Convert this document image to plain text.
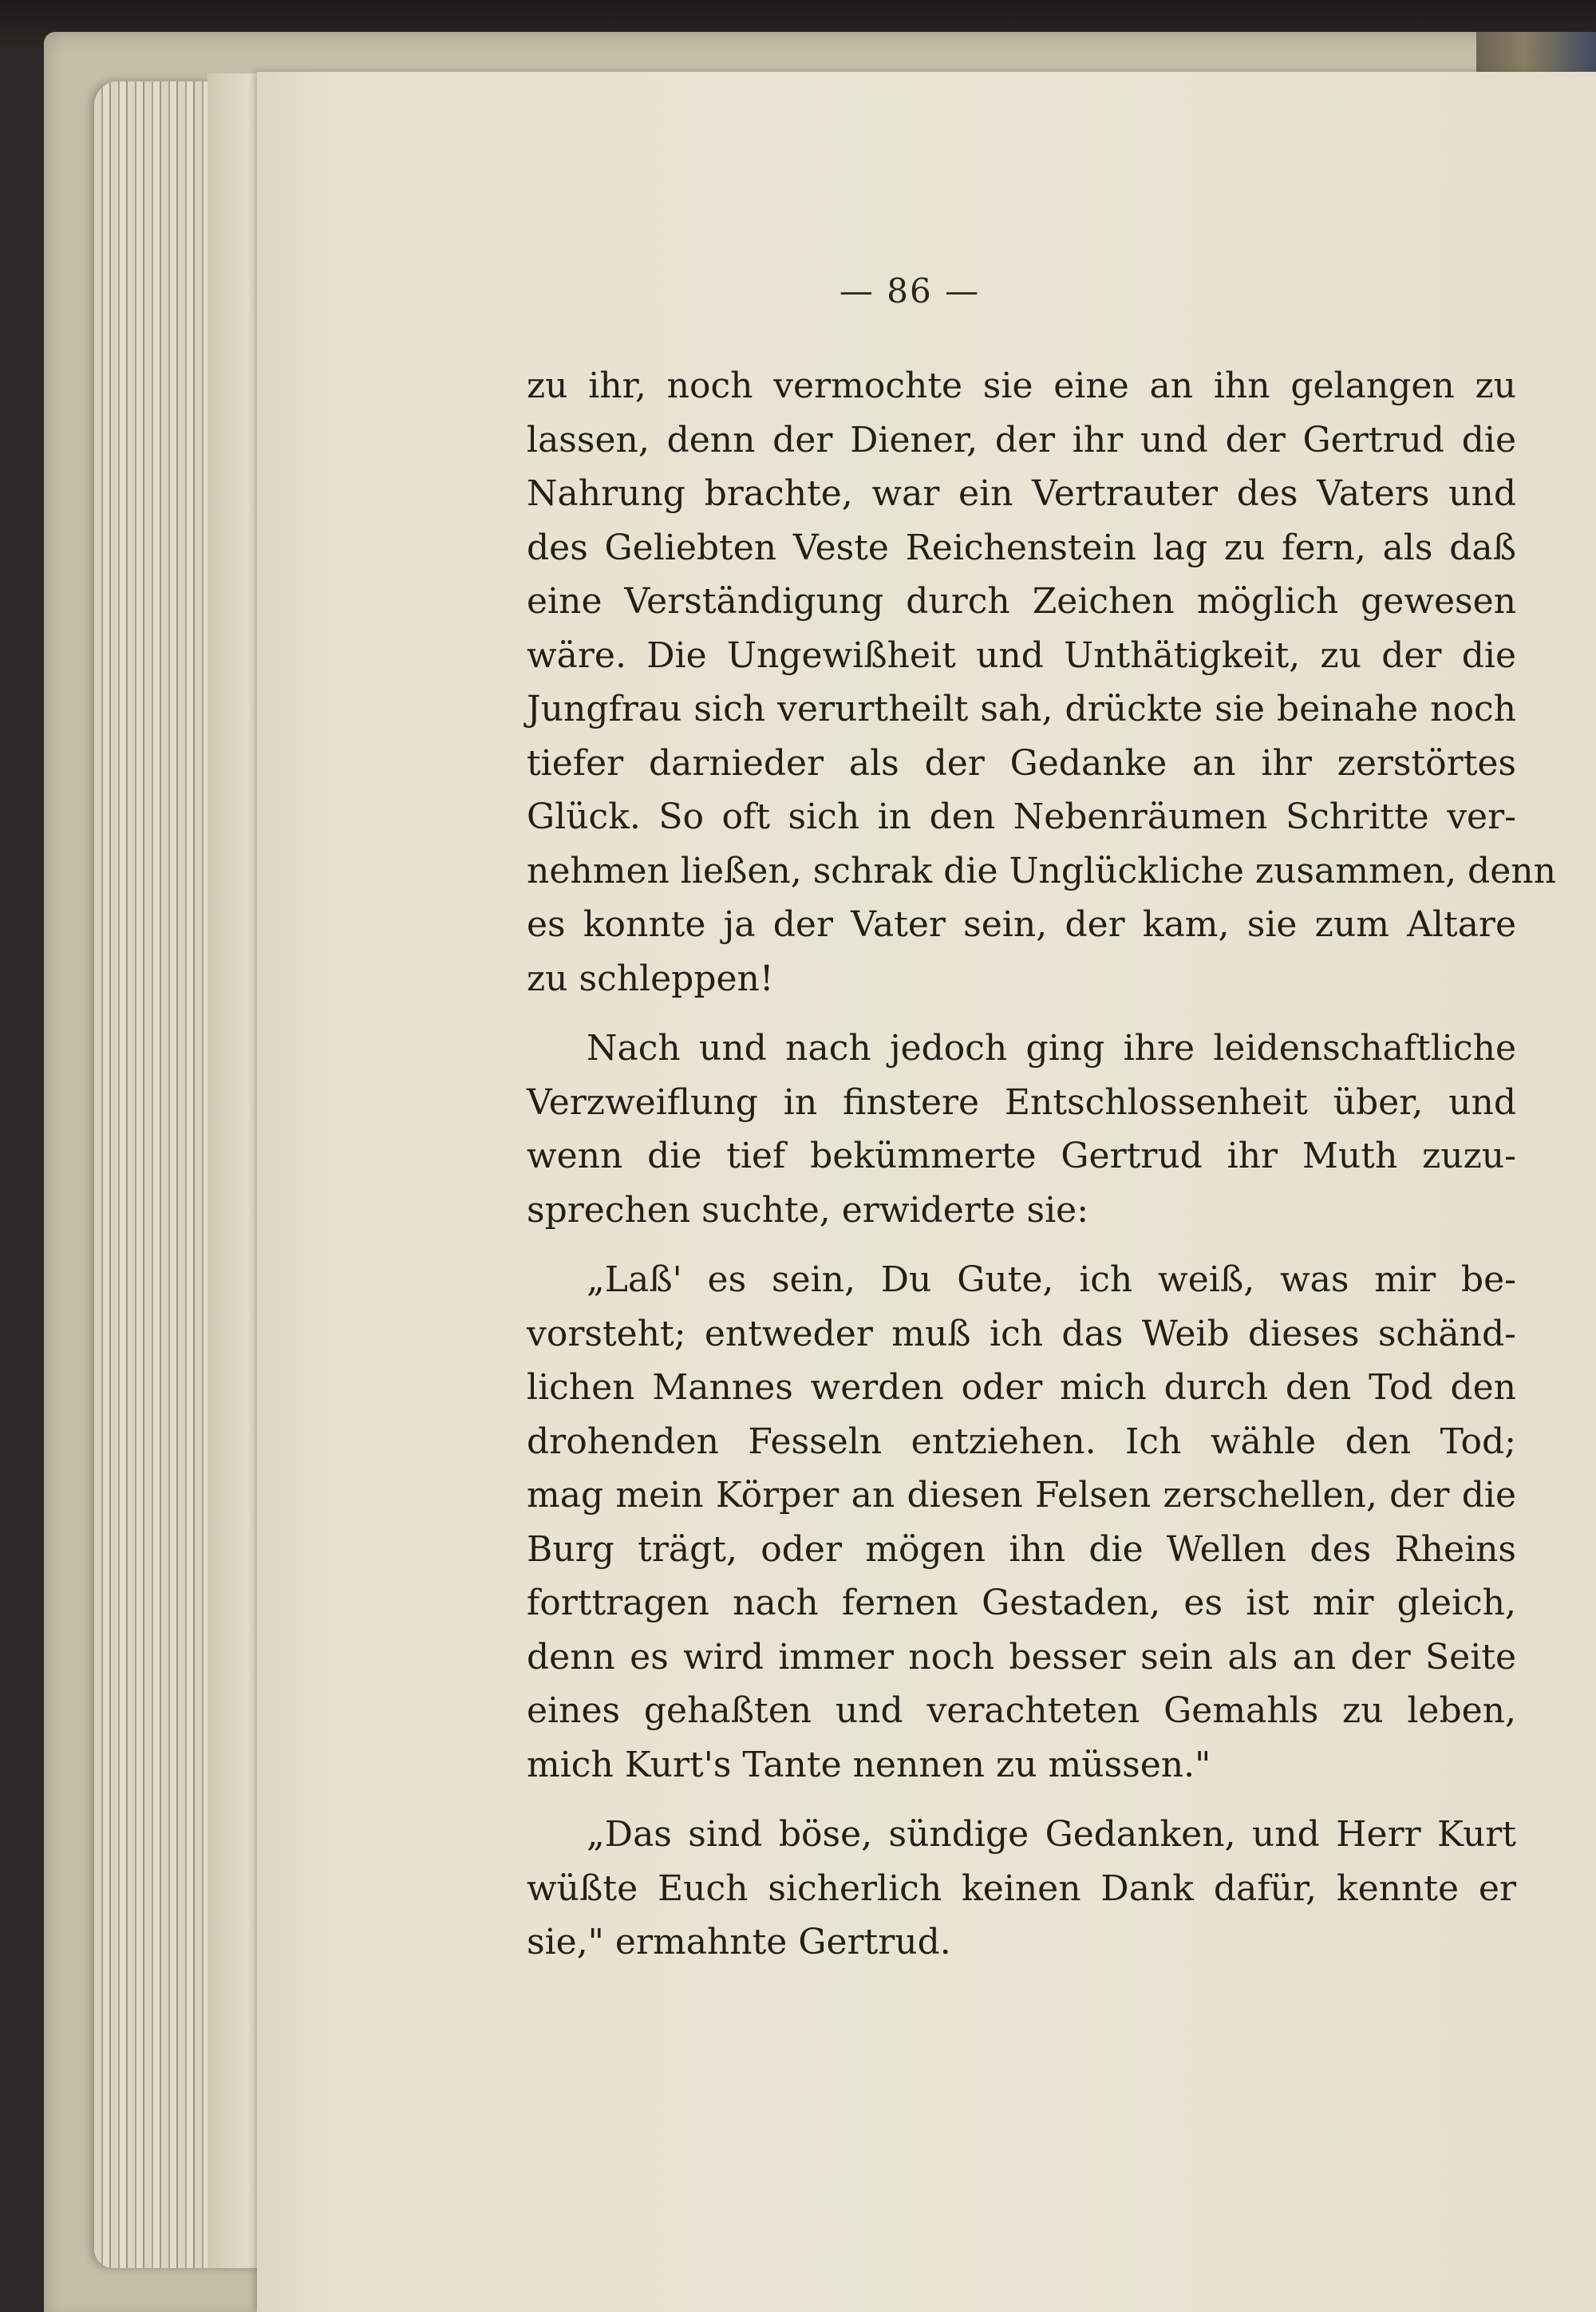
— 86 —
zu ihr, noch vermochte sie eine an ihn gelangen zu
lassen, denn der Diener, der ihr und der Gertrud die
Nahrung brachte, war ein Vertrauter des Vaters und
des Geliebten Veste Reichenstein lag zu fern, als daß
eine Verständigung durch Zeichen möglich gewesen
wäre. Die Ungewißheit und Unthätigkeit, zu der die
Jungfrau sich verurtheilt sah, drückte sie beinahe noch
tiefer darnieder als der Gedanke an ihr zerstörtes
Glück. So oft sich in den Nebenräumen Schritte ver-
nehmen ließen, schrak die Unglückliche zusammen, denn
es konnte ja der Vater sein, der kam, sie zum Altare
zu schleppen!
Nach und nach jedoch ging ihre leidenschaftliche
Verzweiflung in finstere Entschlossenheit über, und
wenn die tief bekümmerte Gertrud ihr Muth zuzu-
sprechen suchte, erwiderte sie:
„Laß' es sein, Du Gute, ich weiß, was mir be-
vorsteht; entweder muß ich das Weib dieses schänd-
lichen Mannes werden oder mich durch den Tod den
drohenden Fesseln entziehen. Ich wähle den Tod;
mag mein Körper an diesen Felsen zerschellen, der die
Burg trägt, oder mögen ihn die Wellen des Rheins
forttragen nach fernen Gestaden, es ist mir gleich,
denn es wird immer noch besser sein als an der Seite
eines gehaßten und verachteten Gemahls zu leben,
mich Kurt's Tante nennen zu müssen."
„Das sind böse, sündige Gedanken, und Herr Kurt
wüßte Euch sicherlich keinen Dank dafür, kennte er
sie," ermahnte Gertrud.
